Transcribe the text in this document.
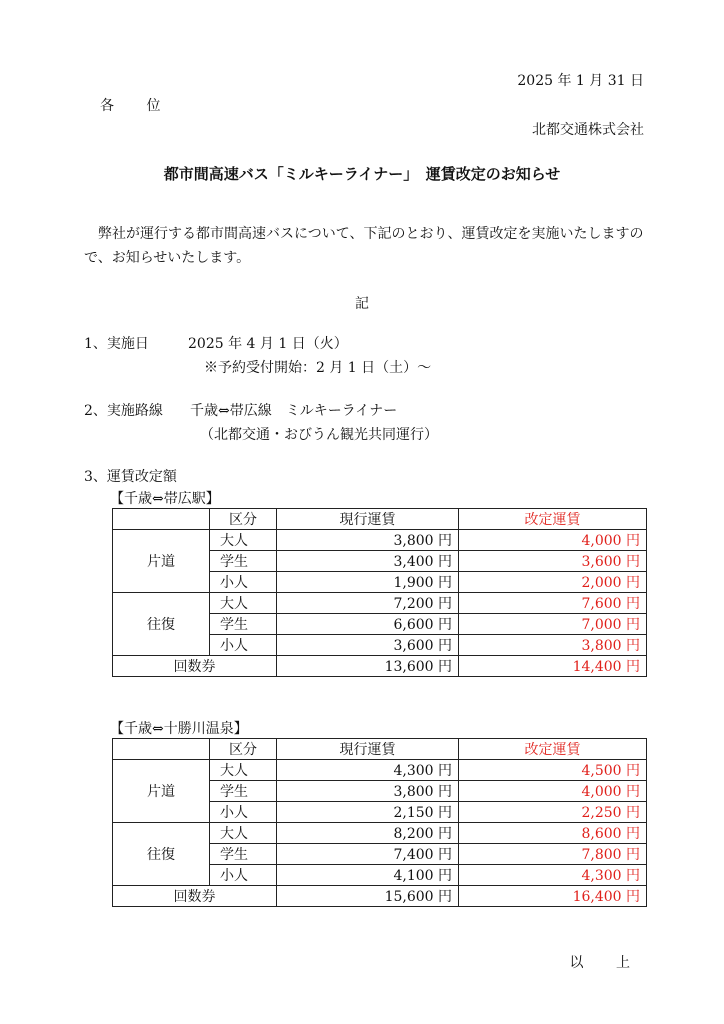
2025 年 1 月 31 日
各 位
北都交通株式会社
都市間高速バス「ミルキーライナー」　運賃改定のお知らせ
弊社が運行する都市間高速バスについて、下記のとおり、運賃改定を実施いたしますので、お知らせいたします。
記
1、実施日	2025 年 4 月 1 日（火）
※予約受付開始：2 月 1 日（土）～
2、実施路線 千歳⇔帯広線　ミルキーライナー
（北都交通・おびうん観光共同運行）
3、運賃改定額
【千歳⇔帯広駅】
	区分	現行運賃	改定運賃
片道	大人	3,800 円	4,000 円
	学生	3,400 円	3,600 円
	小人	1,900 円	2,000 円
往復	大人	7,200 円	7,600 円
	学生	6,600 円	7,000 円
	小人	3,600 円	3,800 円
回数券		13,600 円	14,400 円
【千歳⇔十勝川温泉】
	区分	現行運賃	改定運賃
片道	大人	4,300 円	4,500 円
	学生	3,800 円	4,000 円
	小人	2,150 円	2,250 円
往復	大人	8,200 円	8,600 円
	学生	7,400 円	7,800 円
	小人	4,100 円	4,300 円
回数券		15,600 円	16,400 円
以 上
